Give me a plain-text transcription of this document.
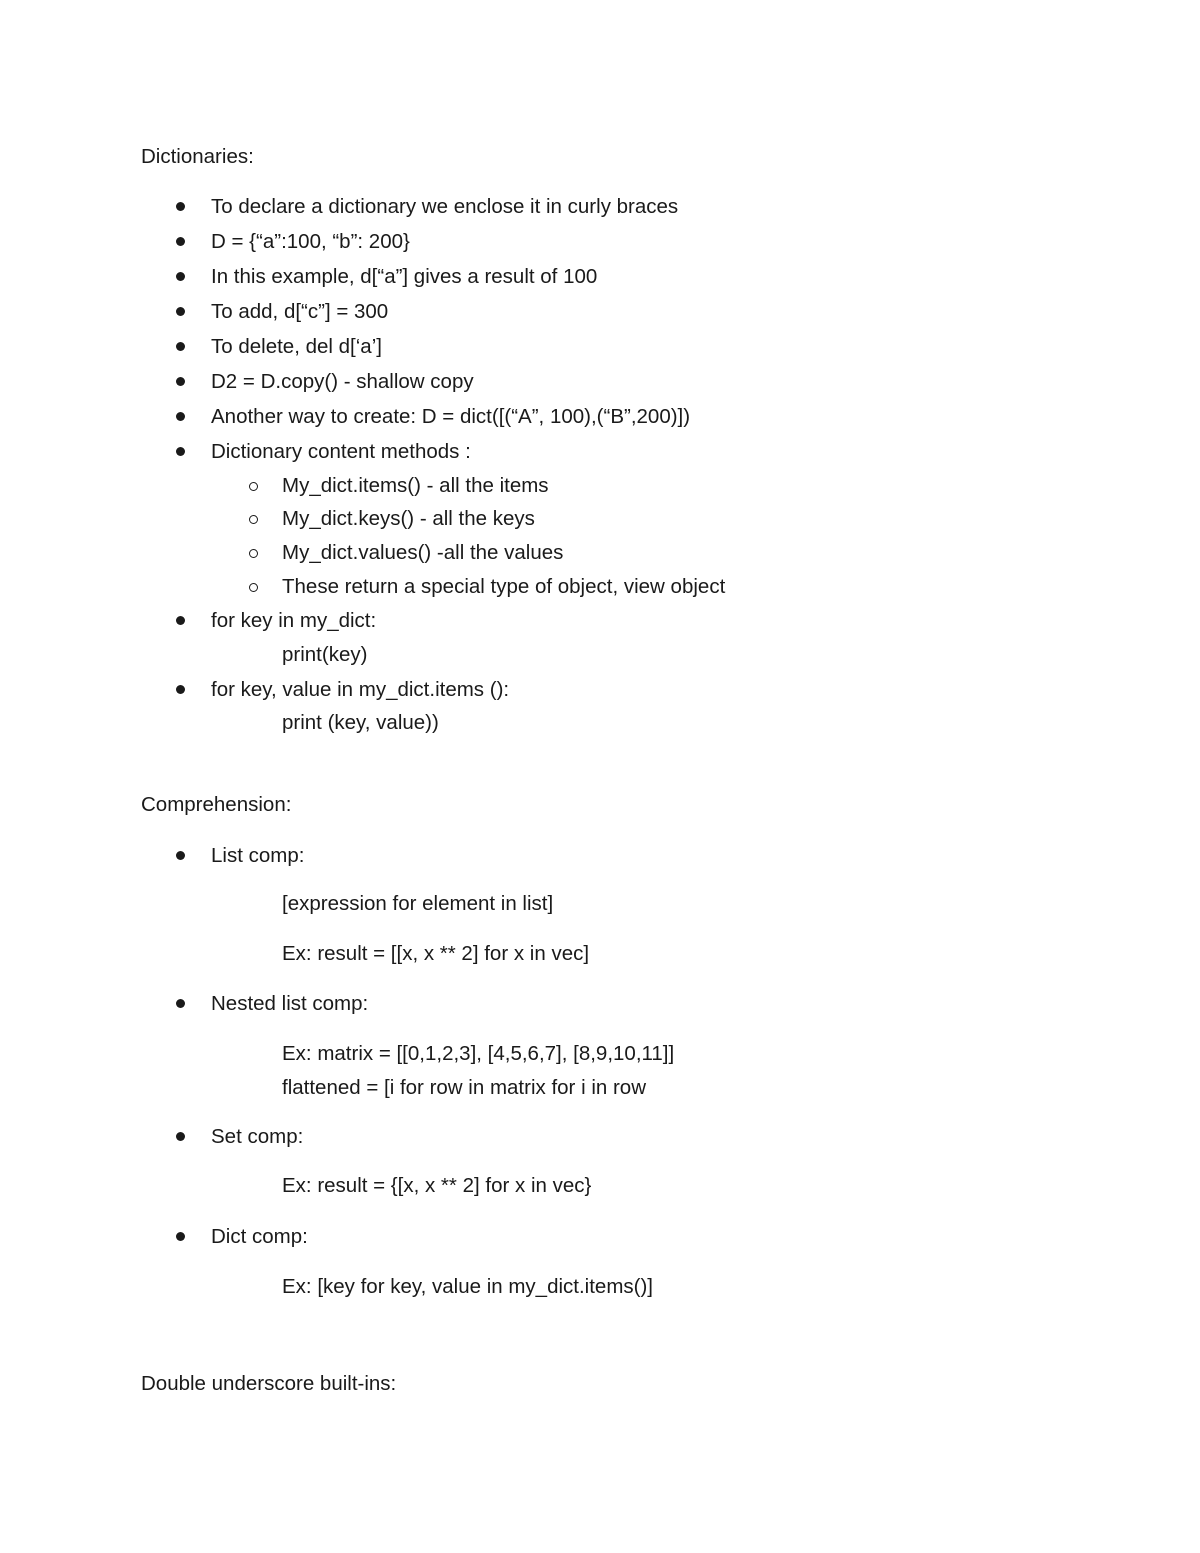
Dictionaries:
To declare a dictionary we enclose it in curly braces
D = {“a”:100, “b”: 200}
In this example, d[“a”] gives a result of 100
To add, d[“c”] = 300
To delete, del d[‘a’]
D2 = D.copy() - shallow copy
Another way to create: D = dict([(“A”, 100),(“B”,200)])
Dictionary content methods :
My_dict.items() - all the items
My_dict.keys() - all the keys
My_dict.values() -all the values
These return a special type of object, view object
for key in my_dict:
print(key)
for key, value in my_dict.items ():
print (key, value))
Comprehension:
List comp:
[expression for element in list]
Ex: result = [[x, x ** 2] for x in vec]
Nested list comp:
Ex: matrix = [[0,1,2,3], [4,5,6,7], [8,9,10,11]]
flattened = [i for row in matrix for i in row
Set comp:
Ex: result = {[x, x ** 2] for x in vec}
Dict comp:
Ex: [key for key, value in my_dict.items()]
Double underscore built-ins:
